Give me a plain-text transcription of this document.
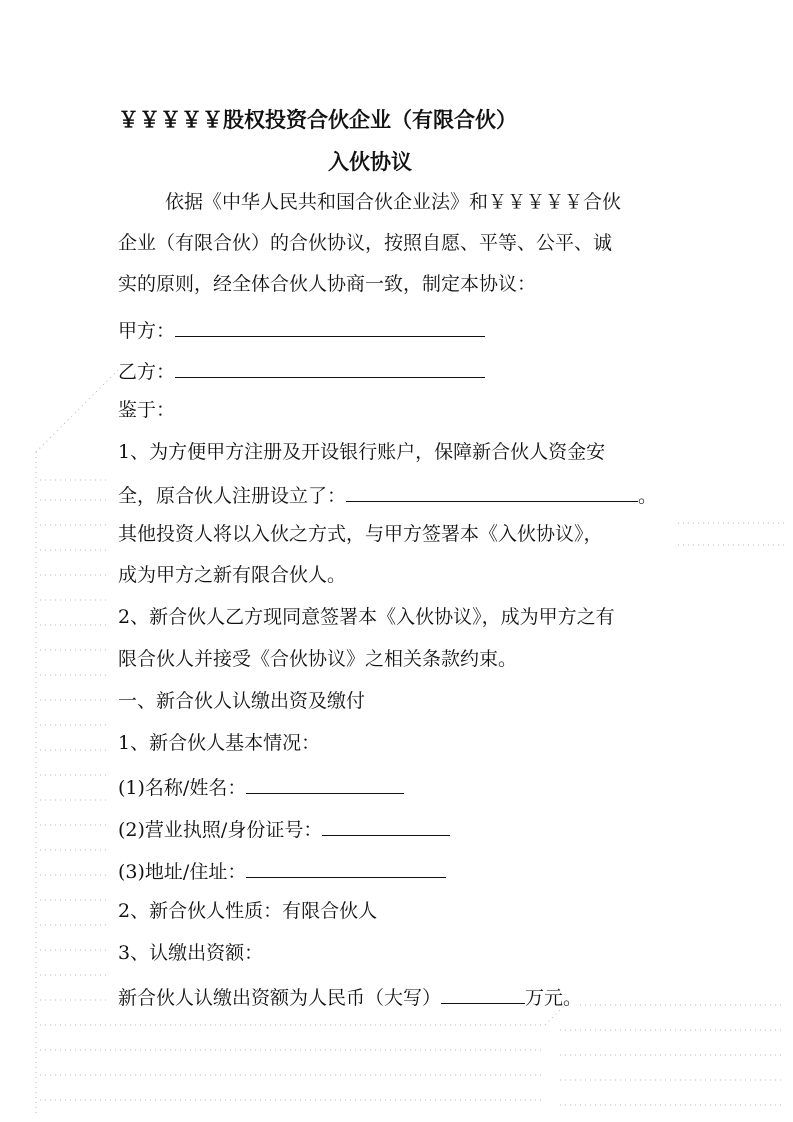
￥￥￥￥￥股权投资合伙企业（有限合伙）
入伙协议
依据《中华人民共和国合伙企业法》和￥￥￥￥￥合伙
企业（有限合伙）的合伙协议，按照自愿、平等、公平、诚
实的原则，经全体合伙人协商一致，制定本协议：
甲方：
乙方：
鉴于：
1、为方便甲方注册及开设银行账户，保障新合伙人资金安
全，原合伙人注册设立了：	。
其他投资人将以入伙之方式，与甲方签署本《入伙协议》，
成为甲方之新有限合伙人。
2、新合伙人乙方现同意签署本《入伙协议》，成为甲方之有
限合伙人并接受《合伙协议》之相关条款约束。
一、新合伙人认缴出资及缴付
1、新合伙人基本情况：
(1)名称/姓名：
(2)营业执照/身份证号：
(3)地址/住址：
2、新合伙人性质：有限合伙人
3、认缴出资额：
新合伙人认缴出资额为人民币（大写）	万元。
